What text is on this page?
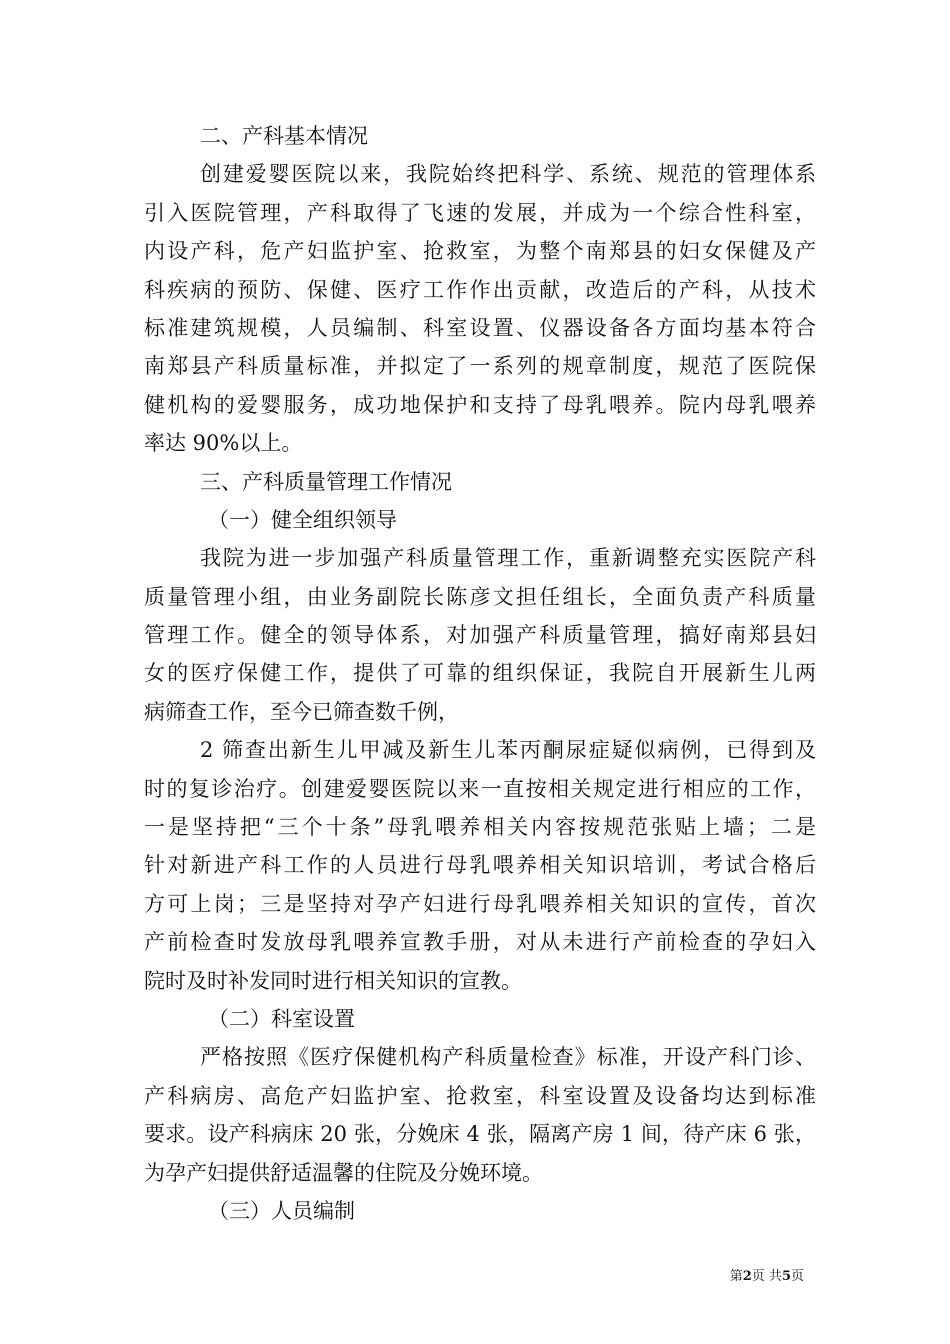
二、产科基本情况
创建爱婴医院以来，我院始终把科学、系统、规范的管理体系
引入医院管理，产科取得了飞速的发展，并成为一个综合性科室，
内设产科，危产妇监护室、抢救室，为整个南郑县的妇女保健及产
科疾病的预防、保健、医疗工作作出贡献，改造后的产科，从技术
标准建筑规模，人员编制、科室设置、仪器设备各方面均基本符合
南郑县产科质量标准，并拟定了一系列的规章制度，规范了医院保
健机构的爱婴服务，成功地保护和支持了母乳喂养。院内母乳喂养
率达 90%以上。
三、产科质量管理工作情况
（一）健全组织领导
我院为进一步加强产科质量管理工作，重新调整充实医院产科
质量管理小组，由业务副院长陈彦文担任组长，全面负责产科质量
管理工作。健全的领导体系，对加强产科质量管理，搞好南郑县妇
女的医疗保健工作，提供了可靠的组织保证，我院自开展新生儿两
病筛查工作，至今已筛查数千例，
2 筛查出新生儿甲减及新生儿苯丙酮尿症疑似病例，已得到及
时的复诊治疗。创建爱婴医院以来一直按相关规定进行相应的工作，
一是坚持把“三个十条”母乳喂养相关内容按规范张贴上墙；二是
针对新进产科工作的人员进行母乳喂养相关知识培训，考试合格后
方可上岗；三是坚持对孕产妇进行母乳喂养相关知识的宣传，首次
产前检查时发放母乳喂养宣教手册，对从未进行产前检查的孕妇入
院时及时补发同时进行相关知识的宣教。
（二）科室设置
严格按照《医疗保健机构产科质量检查》标准，开设产科门诊、
产科病房、高危产妇监护室、抢救室，科室设置及设备均达到标准
要求。设产科病床 20 张，分娩床 4 张，隔离产房 1 间，待产床 6 张，
为孕产妇提供舒适温馨的住院及分娩环境。
（三）人员编制
第2页 共5页
